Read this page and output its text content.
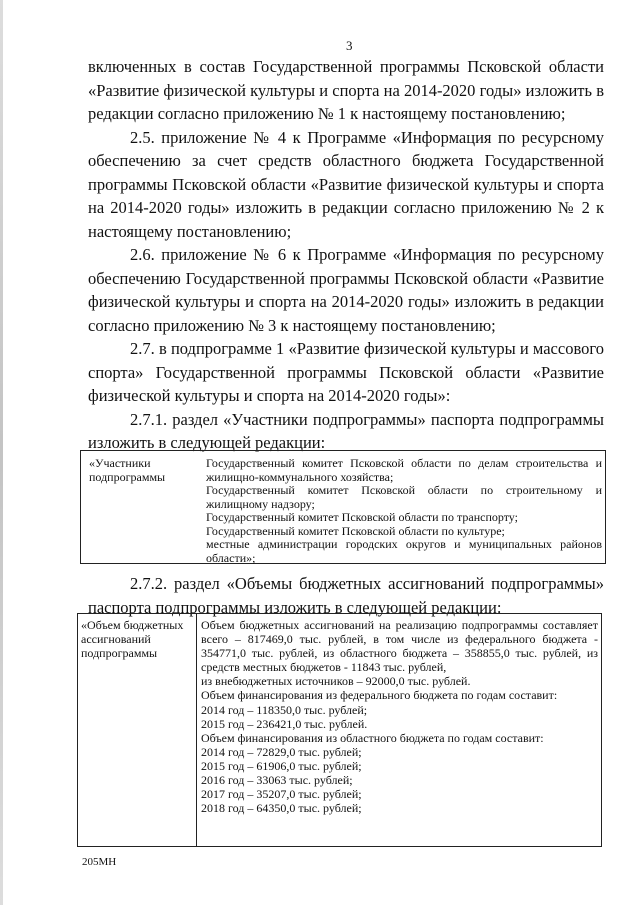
3

включенных в состав Государственной программы Псковской области «Развитие физической культуры и спорта на 2014-2020 годы» изложить в редакции согласно приложению № 1 к настоящему постановлению;

2.5. приложение № 4 к Программе «Информация по ресурсному обеспечению за счет средств областного бюджета Государственной программы Псковской области «Развитие физической культуры и спорта на 2014-2020 годы» изложить в редакции согласно приложению № 2 к настоящему постановлению;

2.6. приложение № 6 к Программе «Информация по ресурсному обеспечению Государственной программы Псковской области «Развитие физической культуры и спорта на 2014-2020 годы» изложить в редакции согласно приложению № 3 к настоящему постановлению;

2.7. в подпрограмме 1 «Развитие физической культуры и массового спорта» Государственной программы Псковской области «Развитие физической культуры и спорта на 2014-2020 годы»:

2.7.1. раздел «Участники подпрограммы» паспорта подпрограммы изложить в следующей редакции:

«Участники подпрограммы
Государственный комитет Псковской области по делам строительства и жилищно-коммунального хозяйства;
Государственный комитет Псковской области по строительному и жилищному надзору;
Государственный комитет Псковской области по транспорту;
Государственный комитет Псковской области по культуре;
местные администрации городских округов и муниципальных районов области»;

2.7.2. раздел «Объемы бюджетных ассигнований подпрограммы» паспорта подпрограммы изложить в следующей редакции:

«Объем бюджетных ассигнований подпрограммы
Объем бюджетных ассигнований на реализацию подпрограммы составляет всего – 817469,0 тыс. рублей, в том числе из федерального бюджета - 354771,0 тыс. рублей, из областного бюджета – 358855,0 тыс. рублей, из средств местных бюджетов - 11843 тыс. рублей,
из внебюджетных источников – 92000,0 тыс. рублей.
Объем финансирования из федерального бюджета по годам составит:
2014 год – 118350,0 тыс. рублей;
2015 год – 236421,0 тыс. рублей.
Объем финансирования из областного бюджета по годам составит:
2014 год – 72829,0 тыс. рублей;
2015 год – 61906,0 тыс. рублей;
2016 год – 33063 тыс. рублей;
2017 год – 35207,0 тыс. рублей;
2018 год – 64350,0 тыс. рублей;
205МН
